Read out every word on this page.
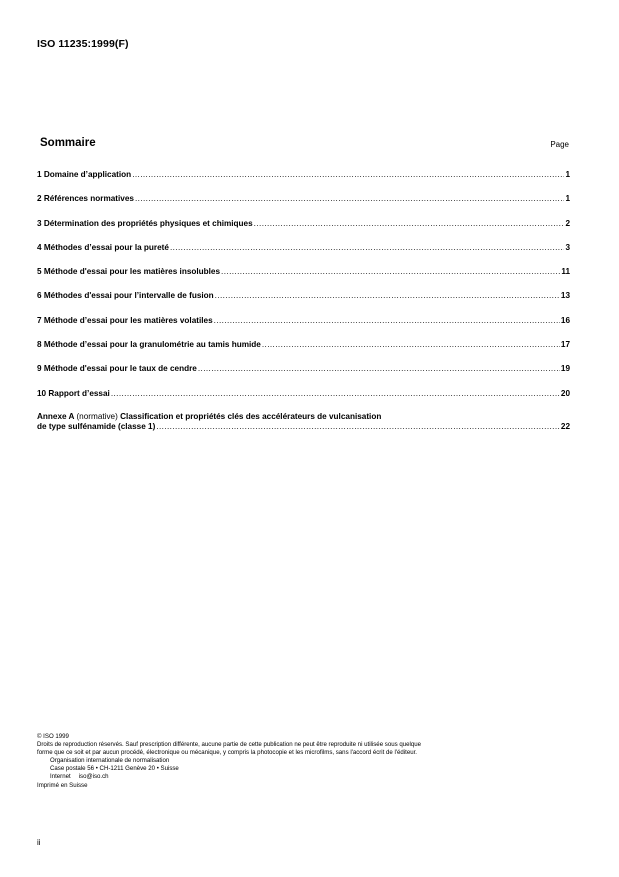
ISO 11235:1999(F)
Sommaire	Page
1 Domaine d’application .....	1
2 Références normatives .....	1
3 Détermination des propriétés physiques et chimiques .....	2
4 Méthodes d’essai pour la pureté .....	3
5 Méthode d'essai pour les matières insolubles .....	11
6 Méthodes d'essai pour l’intervalle de fusion .....	13
7 Méthode d’essai pour les matières volatiles .....	16
8 Méthode d’essai pour la granulométrie au tamis humide .....	17
9 Méthode d'essai pour le taux de cendre .....	19
10 Rapport d’essai .....	20
Annexe A (normative) Classification et propriétés clés des accélérateurs de vulcanisation
de type sulfénamide (classe 1) .....	22
© ISO 1999
Droits de reproduction réservés. Sauf prescription différente, aucune partie de cette publication ne peut être reproduite ni utilisée sous quelque
forme que ce soit et par aucun procédé, électronique ou mécanique, y compris la photocopie et les microfilms, sans l'accord écrit de l'éditeur.
Organisation internationale de normalisation
Case postale 56 • CH-1211 Genève 20 • Suisse
Internet iso@iso.ch
Imprimé en Suisse
ii
